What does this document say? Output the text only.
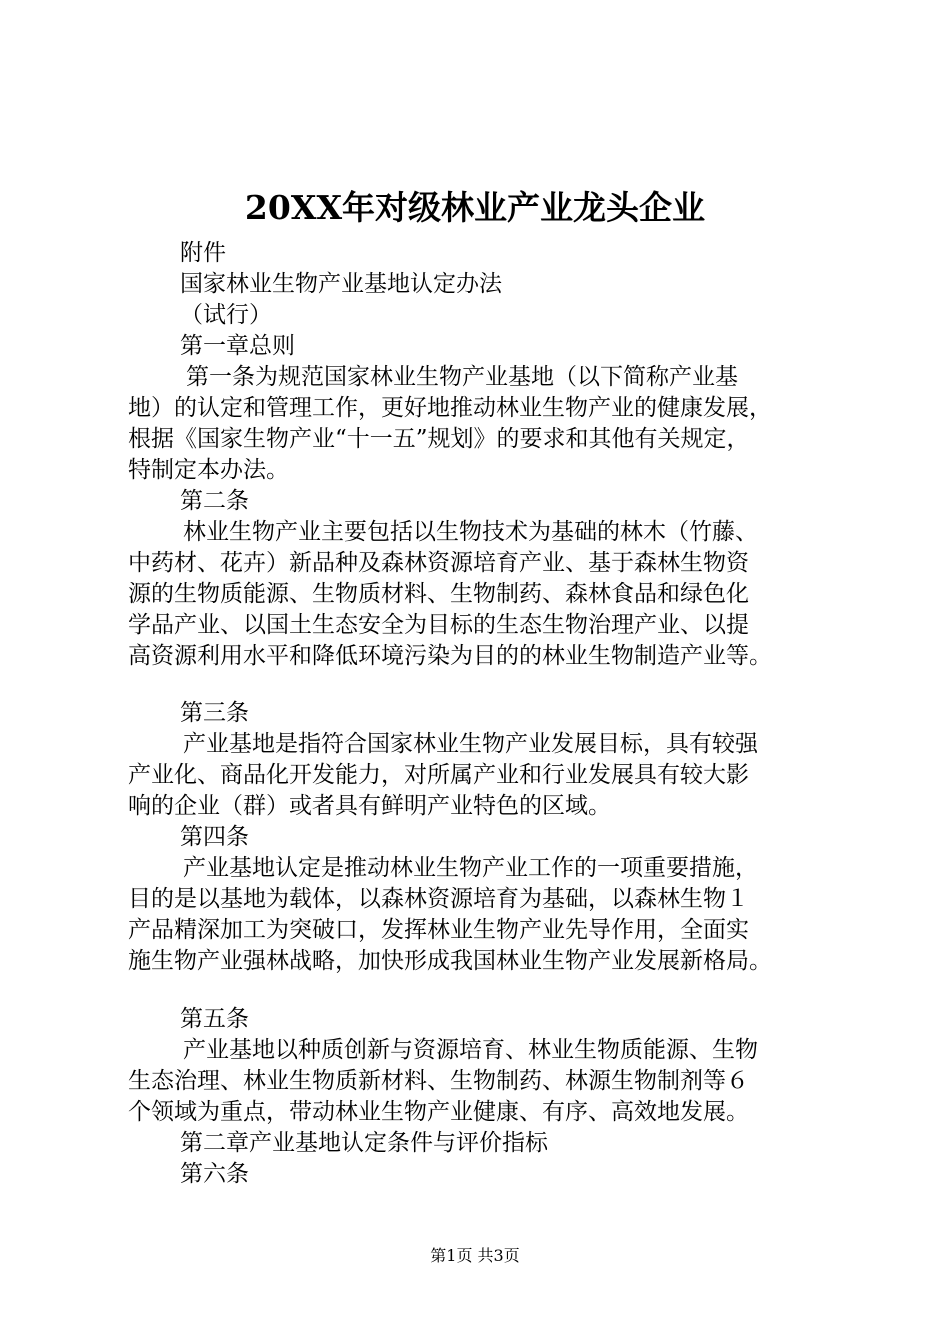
20XX年对级林业产业龙头企业
附件
国家林业生物产业基地认定办法
（试行）
第一章总则
第一条为规范国家林业生物产业基地（以下简称产业基
地）的认定和管理工作，更好地推动林业生物产业的健康发展，
根据《国家生物产业“十一五”规划》的要求和其他有关规定，
特制定本办法。
第二条
林业生物产业主要包括以生物技术为基础的林木（竹藤、
中药材、花卉）新品种及森林资源培育产业、基于森林生物资
源的生物质能源、生物质材料、生物制药、森林食品和绿色化
学品产业、以国土生态安全为目标的生态生物治理产业、以提
高资源利用水平和降低环境污染为目的的林业生物制造产业等。
第三条
产业基地是指符合国家林业生物产业发展目标，具有较强
产业化、商品化开发能力，对所属产业和行业发展具有较大影
响的企业（群）或者具有鲜明产业特色的区域。
第四条
产业基地认定是推动林业生物产业工作的一项重要措施，
目的是以基地为载体，以森林资源培育为基础，以森林生物１
产品精深加工为突破口，发挥林业生物产业先导作用，全面实
施生物产业强林战略，加快形成我国林业生物产业发展新格局。
第五条
产业基地以种质创新与资源培育、林业生物质能源、生物
生态治理、林业生物质新材料、生物制药、林源生物制剂等６
个领域为重点，带动林业生物产业健康、有序、高效地发展。
第二章产业基地认定条件与评价指标
第六条
第1页 共3页
